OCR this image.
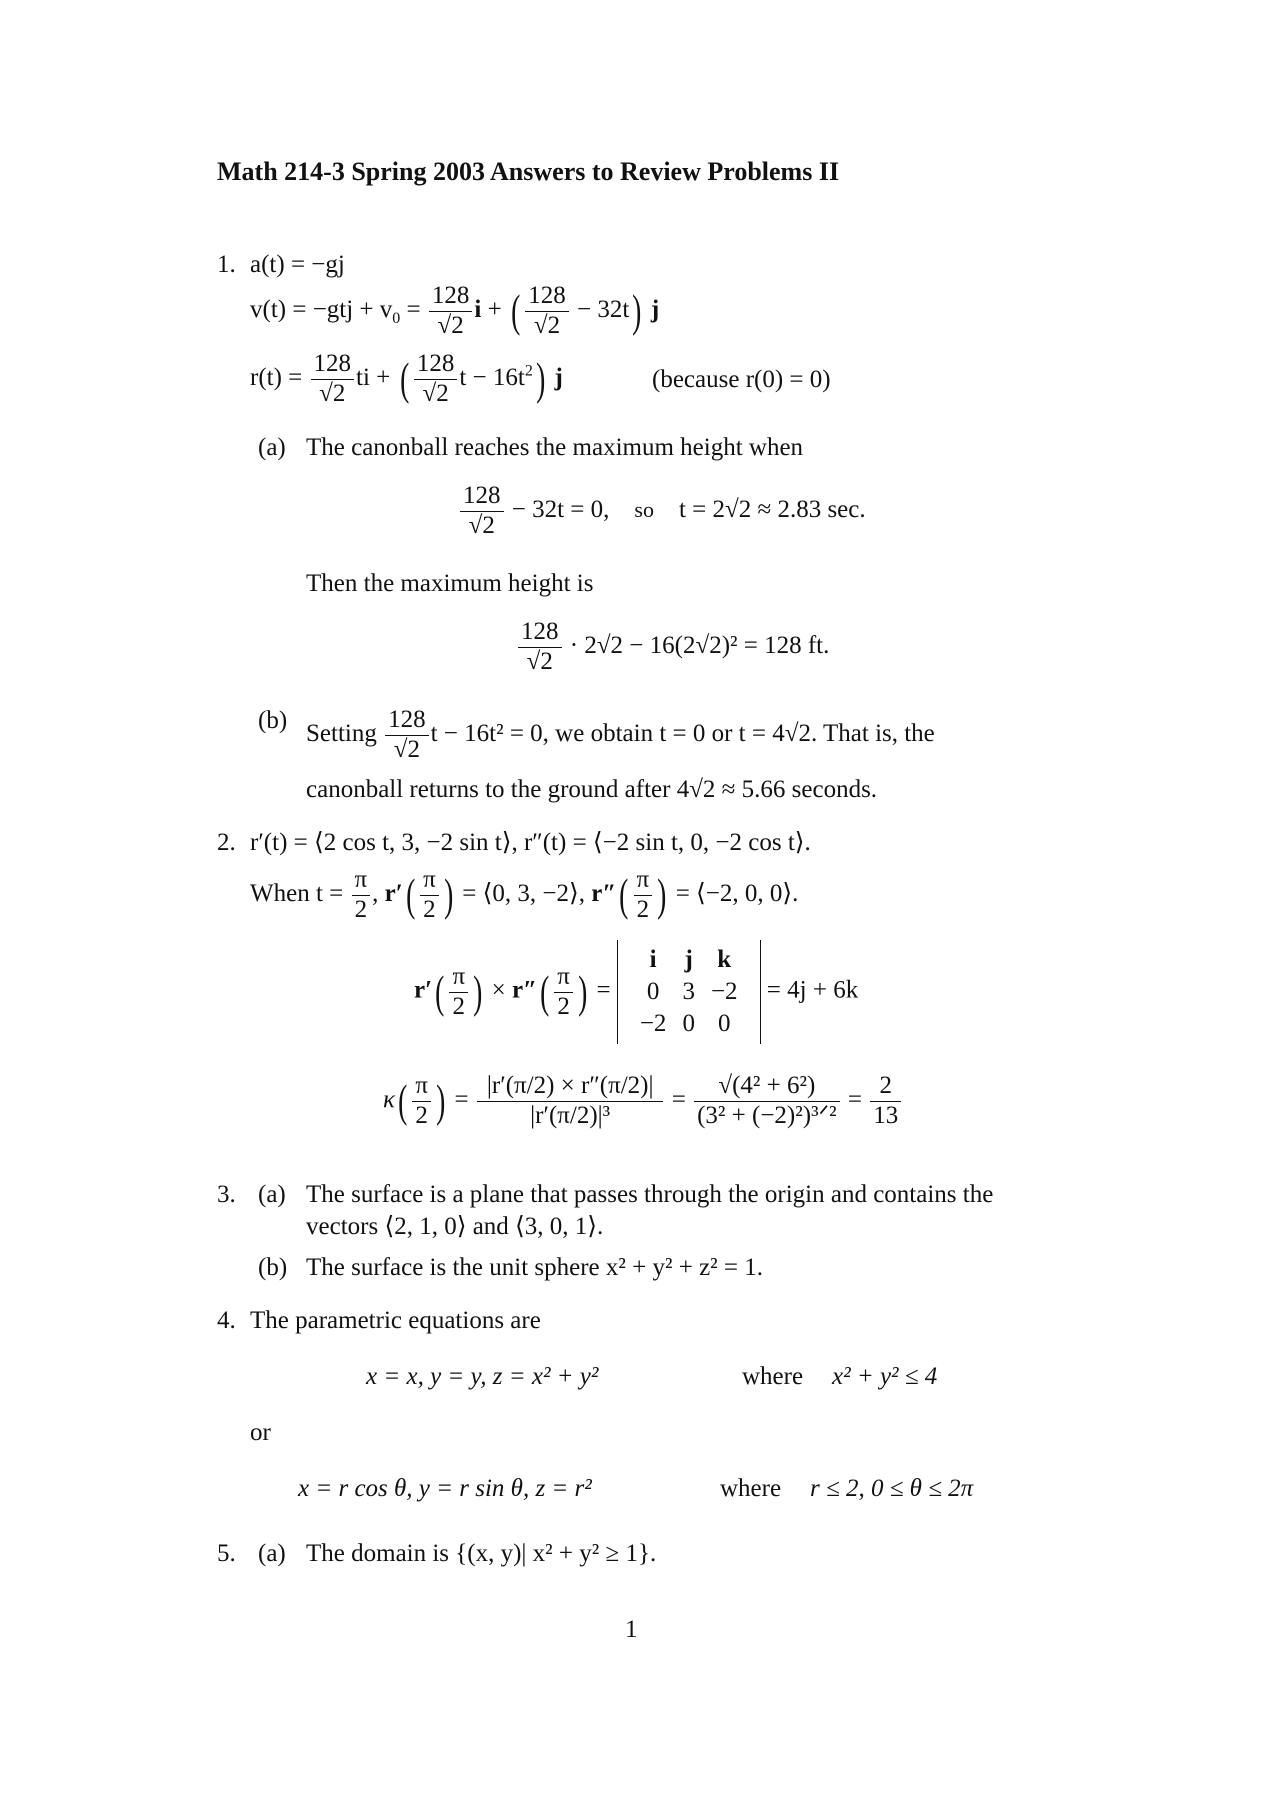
Math 214-3 Spring 2003 Answers to Review Problems II
1. a(t) = −gj
$v(t) = -gtj + v_0 = \frac{128}{√2}$ i + ( $\frac{128}{√2} - 32t$) j
$r(t) = \frac{128}{√2}$ ti + ( $\frac{128}{√2}$ $t - 16t^2$) j	(because r(0) = 0)
(a) The canonball reaches the maximum height when
$\frac{128}{√2} - 32t = 0$, so t = 2√2 ≈ 2.83 sec.
Then the maximum height is
$\frac{128}{√2} \cdot 2√2 - 16(2√2)^2 = 128$ ft.
(b) Setting $\frac{128}{√2}$ t − 16t² = 0, we obtain t = 0 or t = 4√2. That is, the
canonball returns to the ground after 4√2 ≈ 5.66 seconds.
2. r′(t) = ⟨2 cos t, 3, −2 sin t⟩, r″(t) = ⟨−2 sin t, 0, −2 cos t⟩.
When $t = \frac{\pi}{2}$ , $r'( \frac{\pi}{2}$ ) = ⟨0, 3, −2⟩, $r''( \frac{\pi}{2}$ ) = ⟨−2, 0, 0⟩.
$r'( \frac{\pi}{2}$ ) × $r''( \frac{\pi}{2}$ ) =
i	j	k
0	3	−2
−2	0	0
= 4j + 6k
$\kappa( \frac{\pi}{2}$ ) = $\frac{|r'(\pi/2) \times r''(\pi/2)|}{\text{|r′(π/2)|³}} = \frac{\text{√(4² + 6²)}}{\text{(3² + (−2)²)³ᐟ²}} = \frac{2}{13}$
3. (a) The surface is a plane that passes through the origin and contains the
vectors ⟨2, 1, 0⟩ and ⟨3, 0, 1⟩.
(b) The surface is the unit sphere x² + y² + z² = 1.
4. The parametric equations are
x = x, y = y, z = x² + y²	where x² + y² ≤ 4
or
x = r cos θ, y = r sin θ, z = r²	where r ≤ 2, 0 ≤ θ ≤ 2π
5. (a) The domain is {(x, y)| x² + y² ≥ 1}.
1
